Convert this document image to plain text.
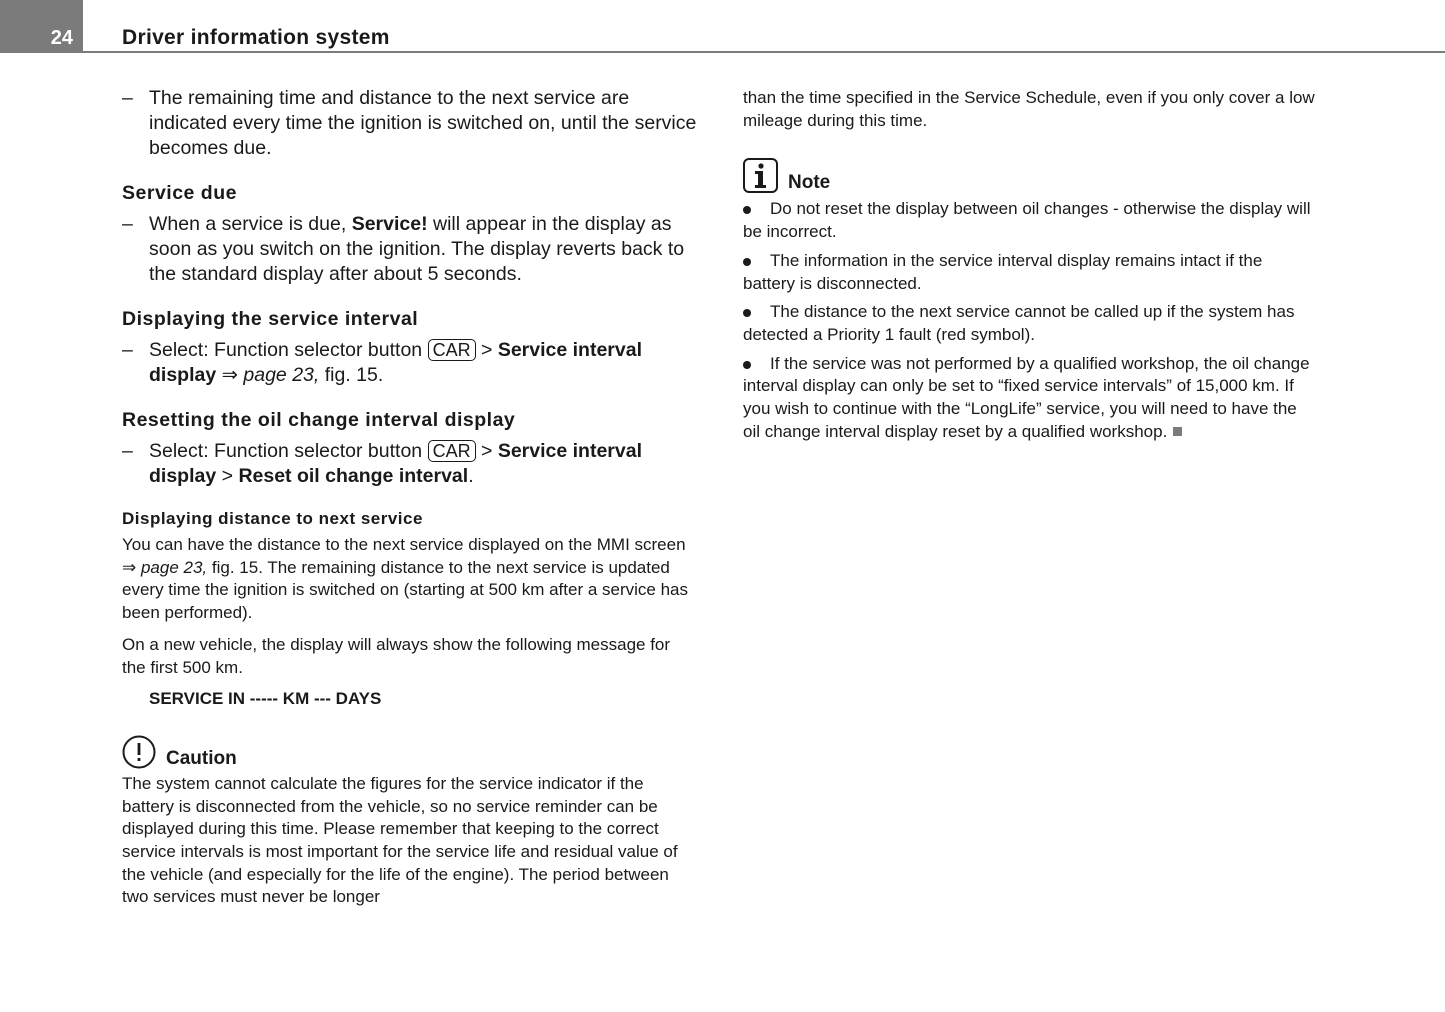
24 Driver information system

– The remaining time and distance to the next service are indicated every time the ignition is switched on, until the service becomes due.

Service due

– When a service is due, Service! will appear in the display as soon as you switch on the ignition. The display reverts back to the standard display after about 5 seconds.

Displaying the service interval

– Select: Function selector button CAR > Service interval display ⇒ page 23, fig. 15.

Resetting the oil change interval display

– Select: Function selector button CAR > Service interval display > Reset oil change interval.

Displaying distance to next service

You can have the distance to the next service displayed on the MMI screen ⇒ page 23, fig. 15. The remaining distance to the next service is updated every time the ignition is switched on (starting at 500 km after a service has been performed).

On a new vehicle, the display will always show the following message for the first 500 km.

SERVICE IN ----- KM --- DAYS

Caution

The system cannot calculate the figures for the service indicator if the battery is disconnected from the vehicle, so no service reminder can be displayed during this time. Please remember that keeping to the correct service intervals is most important for the service life and residual value of the vehicle (and especially for the life of the engine). The period between two services must never be longer

than the time specified in the Service Schedule, even if you only cover a low mileage during this time.

Note

Do not reset the display between oil changes - otherwise the display will be incorrect.

The information in the service interval display remains intact if the battery is disconnected.

The distance to the next service cannot be called up if the system has detected a Priority 1 fault (red symbol).

If the service was not performed by a qualified workshop, the oil change interval display can only be set to “fixed service intervals” of 15,000 km. If you wish to continue with the “LongLife” service, you will need to have the oil change interval display reset by a qualified workshop.
